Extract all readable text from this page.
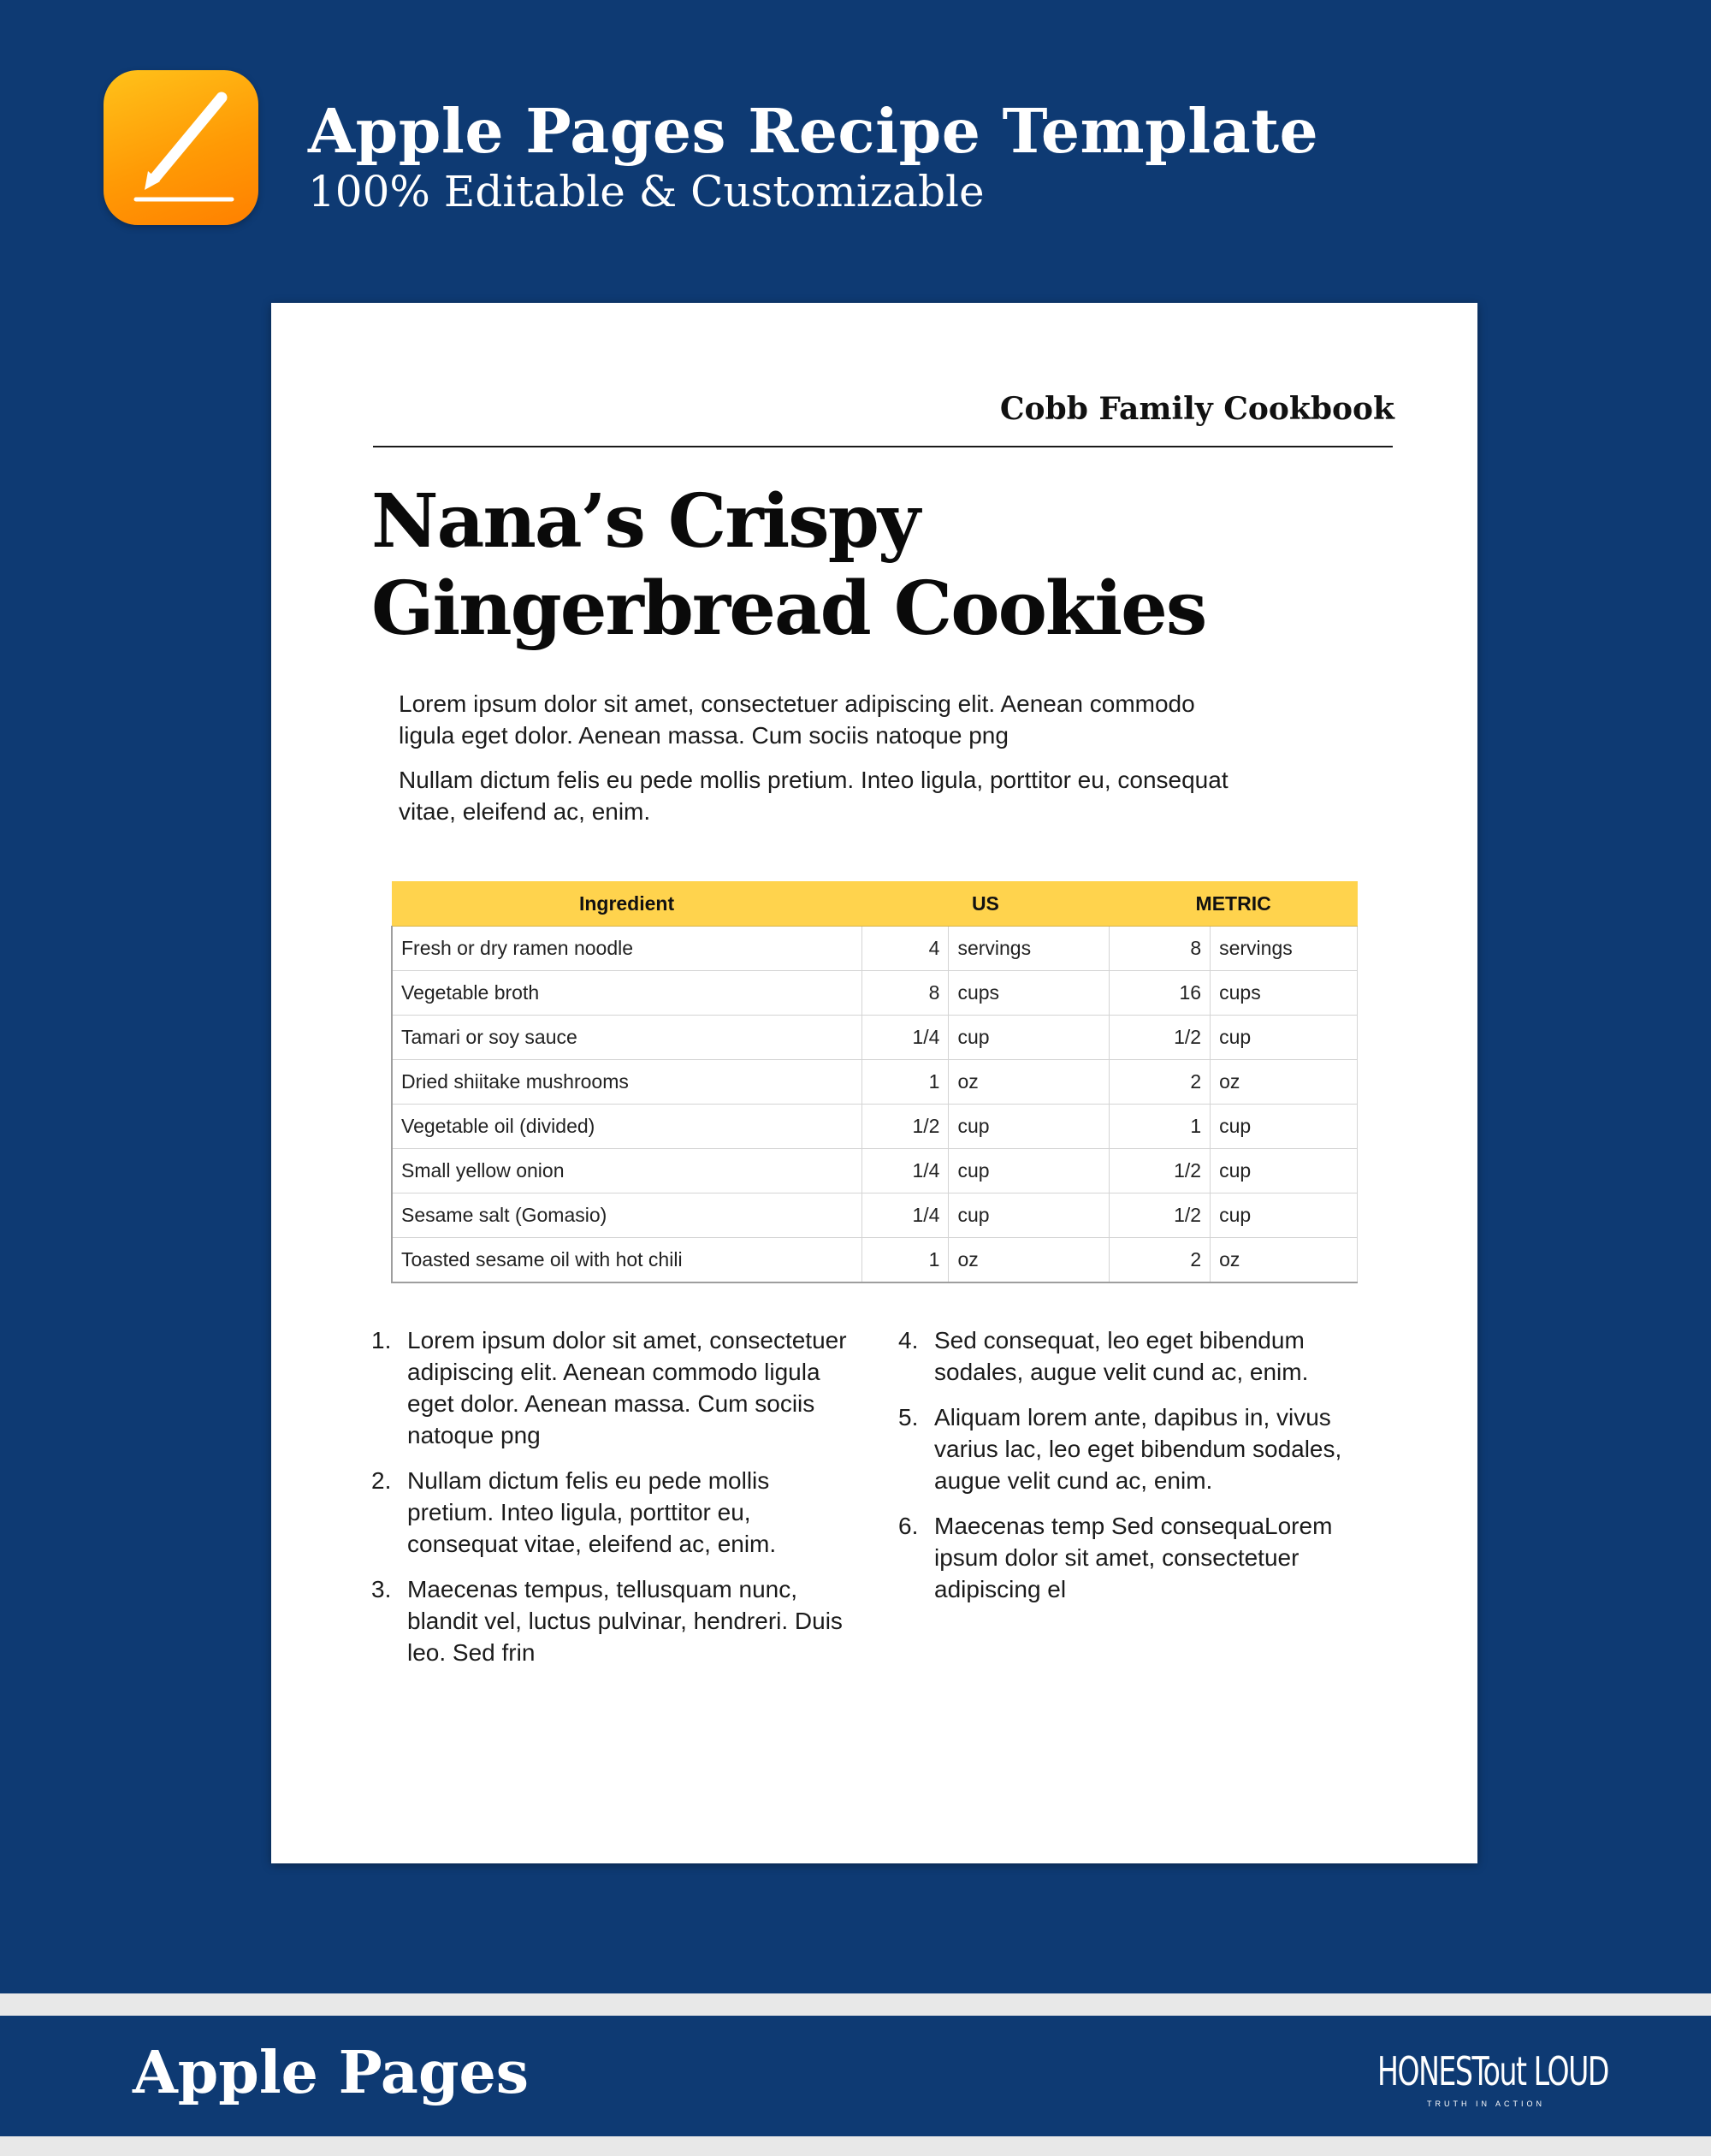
Apple Pages Recipe Template
100% Editable & Customizable
Cobb Family Cookbook
Nana’s Crispy
Gingerbread Cookies

Lorem ipsum dolor sit amet, consectetuer adipiscing elit. Aenean commodo ligula eget dolor. Aenean massa. Cum sociis natoque png

Nullam dictum felis eu pede mollis pretium. Inteo ligula, porttitor eu, consequat vitae, eleifend ac, enim.

Ingredient	US		METRIC	
Fresh or dry ramen noodle	4	servings	8	servings
Vegetable broth	8	cups	16	cups
Tamari or soy sauce	1/4	cup	1/2	cup
Dried shiitake mushrooms	1	oz	2	oz
Vegetable oil (divided)	1/2	cup	1	cup
Small yellow onion	1/4	cup	1/2	cup
Sesame salt (Gomasio)	1/4	cup	1/2	cup
Toasted sesame oil with hot chili	1	oz	2	oz
1. Lorem ipsum dolor sit amet, consectetuer adipiscing elit. Aenean commodo ligula eget dolor. Aenean massa. Cum sociis natoque png
2. Nullam dictum felis eu pede mollis pretium. Inteo ligula, porttitor eu, consequat vitae, eleifend ac, enim.
3. Maecenas tempus, tellusquam nunc, blandit vel, luctus pulvinar, hendreri. Duis leo. Sed frin
4. Sed consequat, leo eget bibendum sodales, augue velit cund ac, enim.
5. Aliquam lorem ante, dapibus in, vivus varius lac, leo eget bibendum sodales, augue velit cund ac, enim.
6. Maecenas temp Sed consequaLorem ipsum dolor sit amet, consectetuer adipiscing el
Apple Pages	HONESTout LOUD
TRUTH IN ACTION
